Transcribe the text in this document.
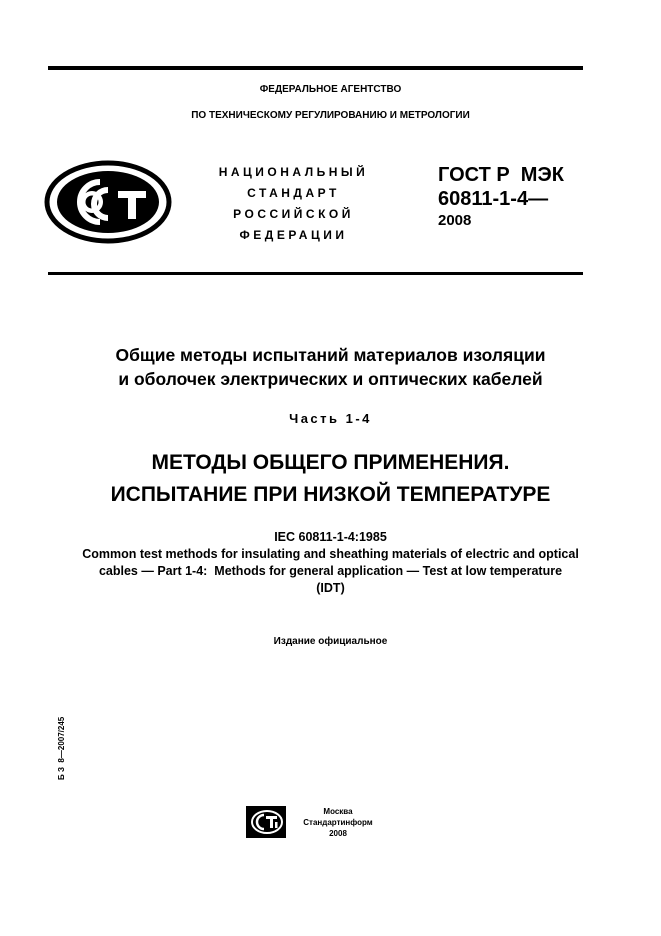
ФЕДЕРАЛЬНОЕ АГЕНТСТВО
ПО ТЕХНИЧЕСКОМУ РЕГУЛИРОВАНИЮ И МЕТРОЛОГИИ
НАЦИОНАЛЬНЫЙ
СТАНДАРТ
РОССИЙСКОЙ
ФЕДЕРАЦИИ
ГОСТ Р  МЭК
60811-1-4—
2008
Общие методы испытаний материалов изоляции
и оболочек электрических и оптических кабелей
Часть 1-4
МЕТОДЫ ОБЩЕГО ПРИМЕНЕНИЯ.
ИСПЫТАНИЕ ПРИ НИЗКОЙ ТЕМПЕРАТУРЕ
IEC 60811-1-4:1985
Common test methods for insulating and sheathing materials of electric and optical
cables — Part 1-4:  Methods for general application — Test at low temperature
(IDT)
Издание официальное
Б З  8—2007/245
Москва
Стандартинформ
2008
